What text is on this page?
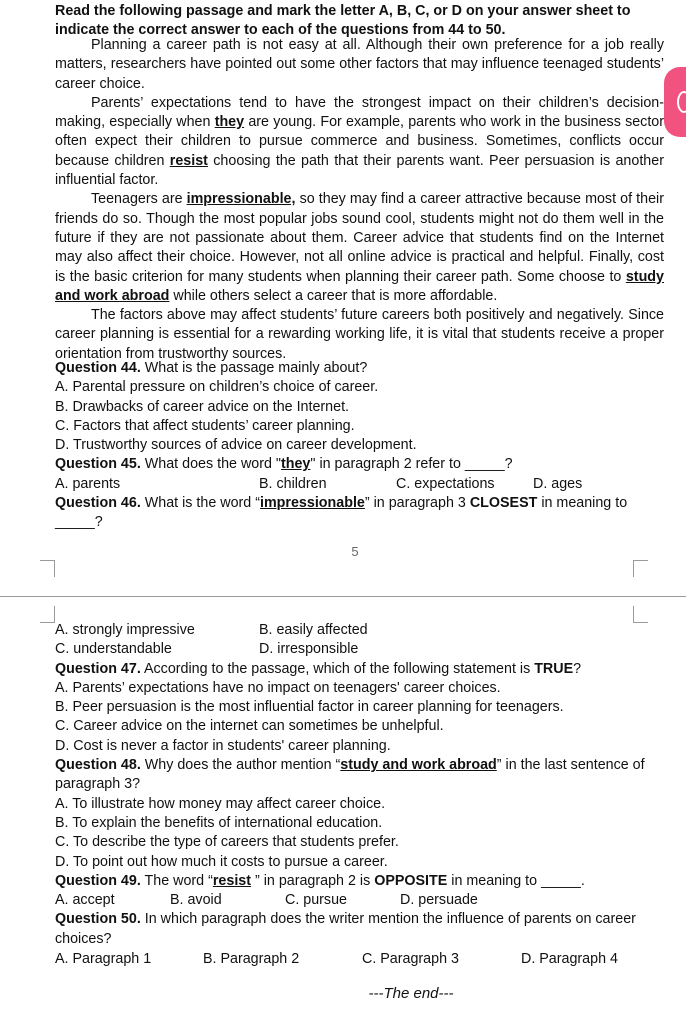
Read the following passage and mark the letter A, B, C, or D on your answer sheet to
indicate the correct answer to each of the questions from 44 to 50.

Planning a career path is not easy at all. Although their own preference for a job really matters, researchers have pointed out some other factors that may influence teenaged students’ career choice.

Parents’ expectations tend to have the strongest impact on their children’s decision-making, especially when they are young. For example, parents who work in the business sector often expect their children to pursue commerce and business. Sometimes, conflicts occur because children resist choosing the path that their parents want. Peer persuasion is another influential factor.

Teenagers are impressionable, so they may find a career attractive because most of their friends do so. Though the most popular jobs sound cool, students might not do them well in the future if they are not passionate about them. Career advice that students find on the Internet may also affect their choice. However, not all online advice is practical and helpful. Finally, cost is the basic criterion for many students when planning their career path. Some choose to study and work abroad while others select a career that is more affordable.

The factors above may affect students’ future careers both positively and negatively. Since career planning is essential for a rewarding working life, it is vital that students receive a proper orientation from trustworthy sources.

Question 44. What is the passage mainly about?
A. Parental pressure on children’s choice of career.
B. Drawbacks of career advice on the Internet.
C. Factors that affect students’ career planning.
D. Trustworthy sources of advice on career development.
Question 45. What does the word "they" in paragraph 2 refer to _____?
A. parents	B. children	C. expectations	D. ages
Question 46. What is the word “impressionable” in paragraph 3 CLOSEST in meaning to
_____?
5
A. strongly impressive	B. easily affected
C. understandable	D. irresponsible
Question 47. According to the passage, which of the following statement is TRUE?
A. Parents’ expectations have no impact on teenagers' career choices.
B. Peer persuasion is the most influential factor in career planning for teenagers.
C. Career advice on the internet can sometimes be unhelpful.
D. Cost is never a factor in students' career planning.
Question 48. Why does the author mention “study and work abroad” in the last sentence of
paragraph 3?
A. To illustrate how money may affect career choice.
B. To explain the benefits of international education.
C. To describe the type of careers that students prefer.
D. To point out how much it costs to pursue a career.
Question 49. The word “resist ” in paragraph 2 is OPPOSITE in meaning to _____.
A. accept	B. avoid	C. pursue	D. persuade
Question 50. In which paragraph does the writer mention the influence of parents on career
choices?
A. Paragraph 1	B. Paragraph 2	C. Paragraph 3	D. Paragraph 4
---The end---
